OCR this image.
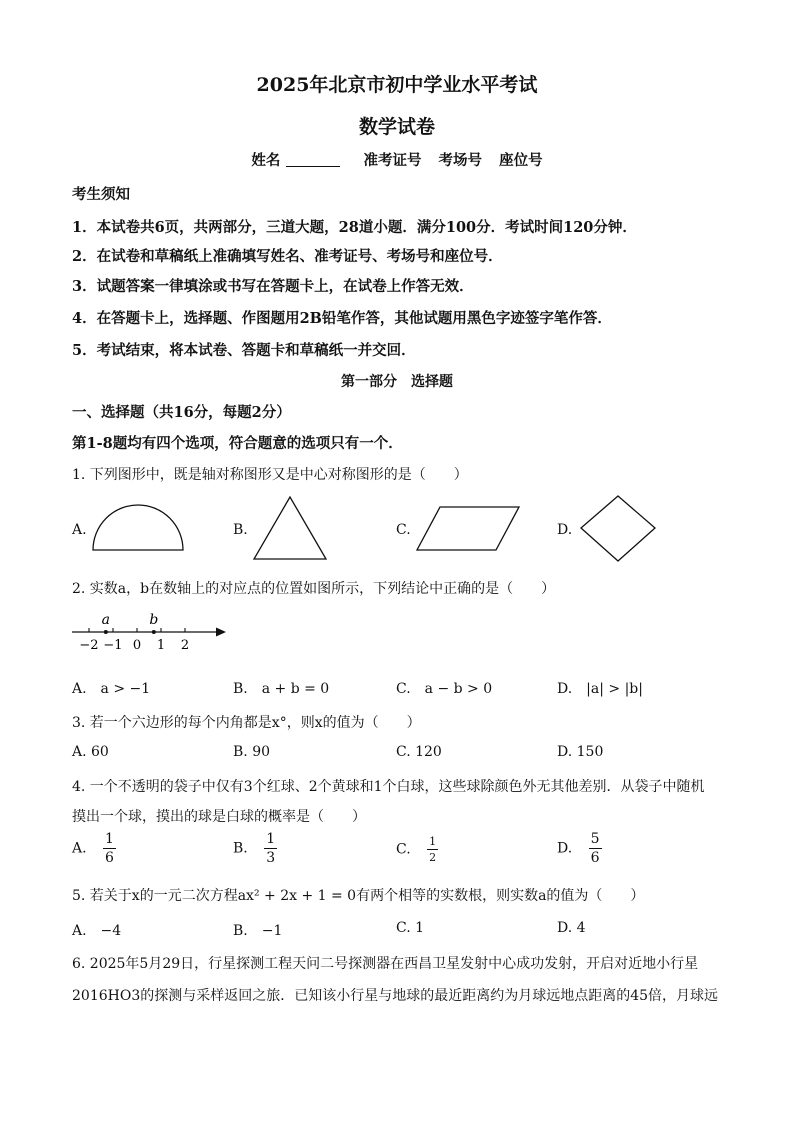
2025年北京市初中学业水平考试
数学试卷
姓名	准考证号 考场号 座位号
考生须知
1．本试卷共6页，共两部分，三道大题，28道小题．满分100分．考试时间120分钟．
2．在试卷和草稿纸上准确填写姓名、准考证号、考场号和座位号．
3．试题答案一律填涂或书写在答题卡上，在试卷上作答无效．
4．在答题卡上，选择题、作图题用2B铅笔作答，其他试题用黑色字迹签字笔作答．
5．考试结束，将本试卷、答题卡和草稿纸一并交回．
第一部分　选择题
一、选择题（共16分，每题2分）
第1-8题均有四个选项，符合题意的选项只有一个．
1. 下列图形中，既是轴对称图形又是中心对称图形的是（　　）
A.	B.	C.	D.
2. 实数a，b在数轴上的对应点的位置如图所示，下列结论中正确的是（　　）
−2 −1 0 1 2
a	b
A.　a > −1	B.　a + b = 0	C.　a − b > 0	D.　|a| > |b|
3. 若一个六边形的每个内角都是x°，则x的值为（　　）
A. 60	B. 90	C. 120	D. 150
4. 一个不透明的袋子中仅有3个红球、2个黄球和1个白球，这些球除颜色外无其他差别．从袋子中随机
摸出一个球，摸出的球是白球的概率是（　　）
A. $\frac{1}{6}$	B. $\frac{1}{3}$	C. $\frac{1}{2}$	D. $\frac{5}{6}$
5. 若关于x的一元二次方程ax² + 2x + 1 = 0有两个相等的实数根，则实数a的值为（　　）
A.　−4	B.　−1	C. 1	D. 4
6. 2025年5月29日，行星探测工程天问二号探测器在西昌卫星发射中心成功发射，开启对近地小行星
2016HO3的探测与采样返回之旅．已知该小行星与地球的最近距离约为月球远地点距离的45倍，月球远
